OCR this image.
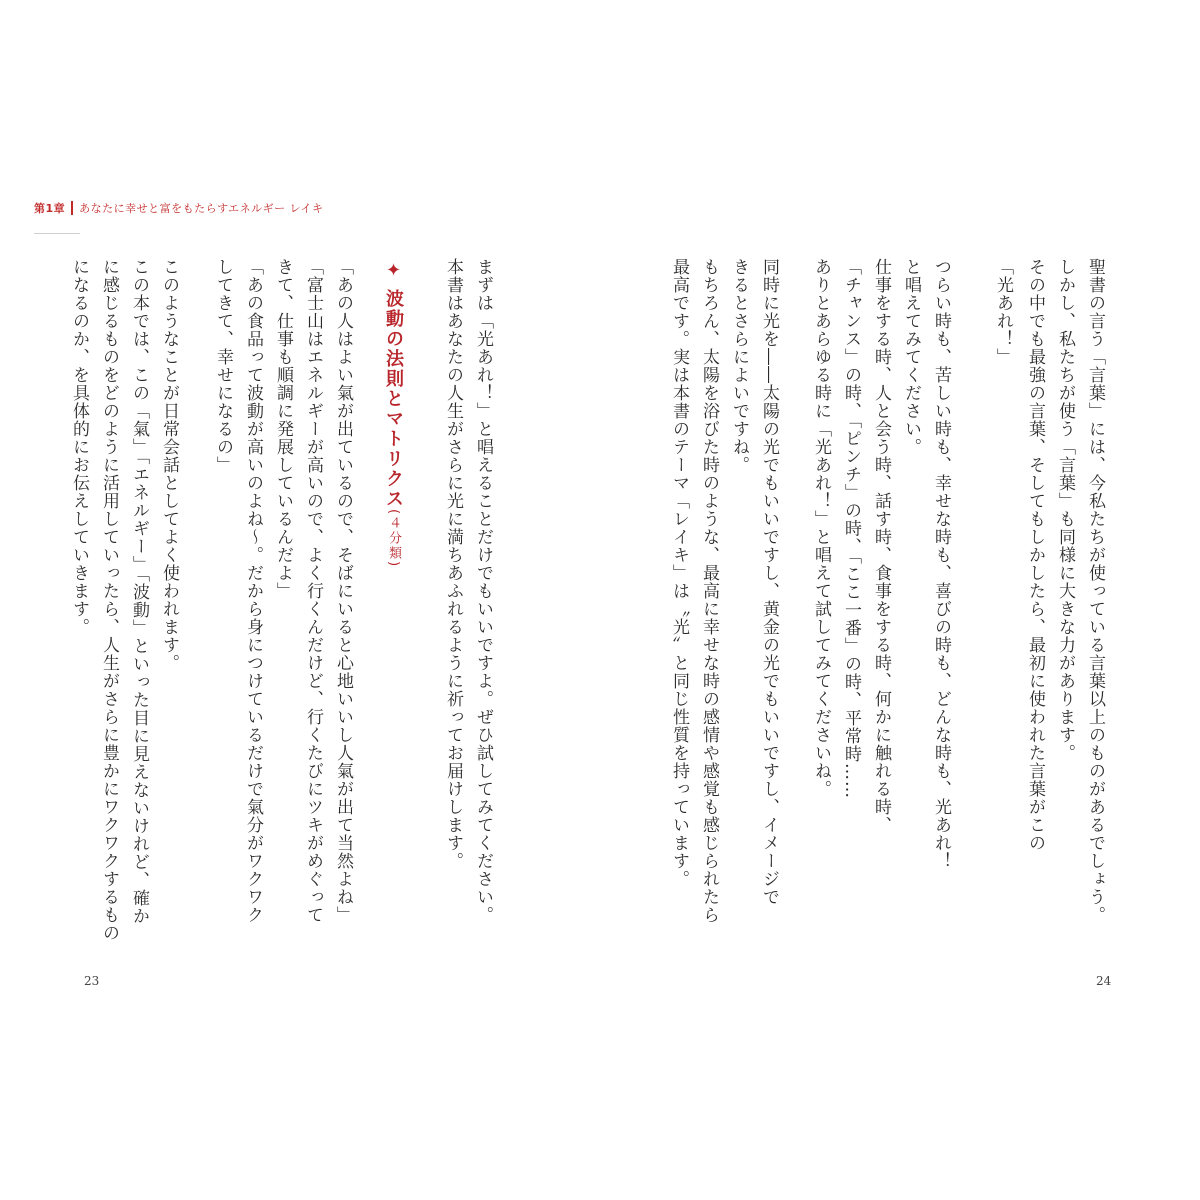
第1章 あなたに幸せと富をもたらすエネルギー レイキ
聖書の言う「言葉」には、今私たちが使っている言葉以上のものがあるでしょう。
しかし、私たちが使う「言葉」も同様に大きな力があります。
その中でも最強の言葉、そしてもしかしたら、最初に使われた言葉がこの
「光あれ！」
つらい時も、苦しい時も、幸せな時も、喜びの時も、どんな時も、光あれ！
と唱えてみてください。
仕事をする時、人と会う時、話す時、食事をする時、何かに触れる時、
「チャンス」の時、「ピンチ」の時、「ここ一番」の時、平常時……
ありとあらゆる時に「光あれ！」と唱えて試してみてくださいね。
同時に光を――太陽の光でもいいですし、黄金の光でもいいですし、イメージで
きるとさらによいですね。
もちろん、太陽を浴びた時のような、最高に幸せな時の感情や感覚も感じられたら
最高です。実は本書のテーマ「レイキ」は〝光〟と同じ性質を持っています。
24
まずは「光あれ！」と唱えることだけでもいいですよ。ぜひ試してみてください。
本書はあなたの人生がさらに光に満ちあふれるように祈ってお届けします。
✦波動の法則とマトリクス(４分類)
「あの人はよい氣が出ているので、そばにいると心地いいし人氣が出て当然よね」
「富士山はエネルギーが高いので、よく行くんだけど、行くたびにツキがめぐって
きて、仕事も順調に発展しているんだよ」
「あの食品って波動が高いのよね～。だから身につけているだけで氣分がワクワク
してきて、幸せになるの」
このようなことが日常会話としてよく使われます。
この本では、この「氣」「エネルギー」「波動」といった目に見えないけれど、確か
に感じるものをどのように活用していったら、人生がさらに豊かにワクワクするもの
になるのか、を具体的にお伝えしていきます。
23
